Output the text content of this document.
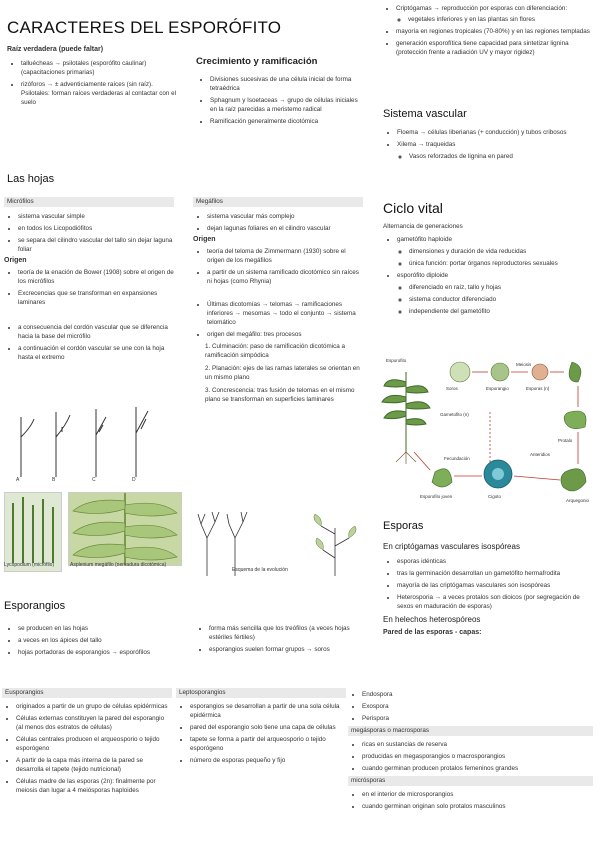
CARACTERES DEL ESPORÓFITO
Raíz verdadera (puede faltar)
• talluécheas → psilotales (esporófito caulinar) (capacitaciones primarias)
• rizóforos → ± adventiciamente raíces (sin raíz). Psilotales: forman raíces verdaderas al contactar con el suelo
Crecimiento y ramificación
• Divisiones sucesivas de una célula inicial de forma tetraédrica
• Sphagnum y Isoetaceas → grupo de células iniciales en la raíz parecidas a meristemo radical
• Ramificación generalmente dicotómica
• Criptógamas → reproducción por esporas con diferenciación:
◦ vegetales inferiores y en las plantas sin flores
• mayoría en regiones tropicales (70-80%) y en las regiones templadas
• generación esporofítica tiene capacidad para sintetizar lignina (protección frente a radiación UV y mayor rigidez)
Sistema vascular
• Floema → células liberianas (+ conducción) y tubos cribosos
• Xilema → traqueidas
◦ Vasos reforzados de lignina en pared
Las hojas
Micrófilos
• sistema vascular simple
• en todos los Licopodiófitos
• se separa del cilindro vascular del tallo sin dejar laguna foliar
Origen
• teoría de la enación de Bower (1908) sobre el origen de los micrófilos
• Excrecencias que se transforman en expansiones laminares
• a consecuencia del cordón vascular que se diferencia hacia la base del micrófilo
• a continuación el cordón vascular se une con la hoja hasta el extremo
A	B	C	D
Megáfilos
• sistema vascular más complejo
• dejan lagunas foliares en el cilindro vascular
Origen
• teoría del teloma de Zimmermann (1930) sobre el origen de los megáfilos
• a partir de un sistema ramificado dicotómico sin raíces ni hojas (como Rhynia)
• Últimas dicotomías → telomas → ramificaciones inferiores → mesomas → todo el conjunto → sistema telomático
• origen del megáfilo: tres procesos
1. Culminación: paso de ramificación dicotómica a ramificación simpódica
2. Planación: ejes de las ramas laterales se orientan en un mismo plano
3. Concrescencia: tras fusión de telomas en el mismo plano se transforman en superficies laminares
Lycopodium (micrófilo)	Asplenium megáfilo (nervadura dicotómica)
Esquema de la evolución
Ciclo vital
Alternancia de generaciones
• gametófito haploide
◦ dimensiones y duración de vida reducidas
◦ única función: portar órganos reproductores sexuales
• esporófito diploide
◦ diferenciado en raíz, tallo y hojas
◦ sistema conductor diferenciado
◦ independiente del gametófito
Esporofito
Soros	Esporangio	Esporas (n)
Protalo
Anteridios
Arquegonio
Fecundación
Cigoto
Esporofito joven
Meiosis
Gametofito (n)
Esporas
En criptógamas vasculares isospóreas
• esporas idénticas
• tras la germinación desarrollan un gametófito hermafrodita
• mayoría de las criptógamas vasculares son isospóreas
• Heterosporia → a veces protalos son dioicos (por segregación de sexos en maduración de esporas)
En helechos heterospóreos
Pared de las esporas - capas:
• Endospora
• Exospora
• Perispora
megásporas o macrosporas
• ricas en sustancias de reserva
• producidas en megasporangios o macrosporangios
• cuando germinan producen protalos femeninos grandes
micrósporas
• en el interior de microsporangios
• cuando germinan originan solo protalos masculinos
Esporangios
• se producen en las hojas
• a veces en los ápices del tallo
• hojas portadoras de esporangios → esporófilos
• forma más sencilla que los treófilos (a veces hojas estériles fértiles)
• esporangios suelen formar grupos → soros
Eusporangios
• originados a partir de un grupo de células epidérmicas
• Células externas constituyen la pared del esporangio (al menos dos estratos de células)
• Células centrales producen el arqueosporio o tejido esporógeno
• A partir de la capa más interna de la pared se desarrolla el tapete (tejido nutricional)
• Células madre de las esporas (2n): finalmente por meiosis dan lugar a 4 meiósporas haploides
Leptosporangios
• esporangios se desarrollan a partir de una sola célula epidérmica
• pared del esporangio solo tiene una capa de células
• tapete se forma a partir del arqueosporio o tejido esporógeno
• número de esporas pequeño y fijo
